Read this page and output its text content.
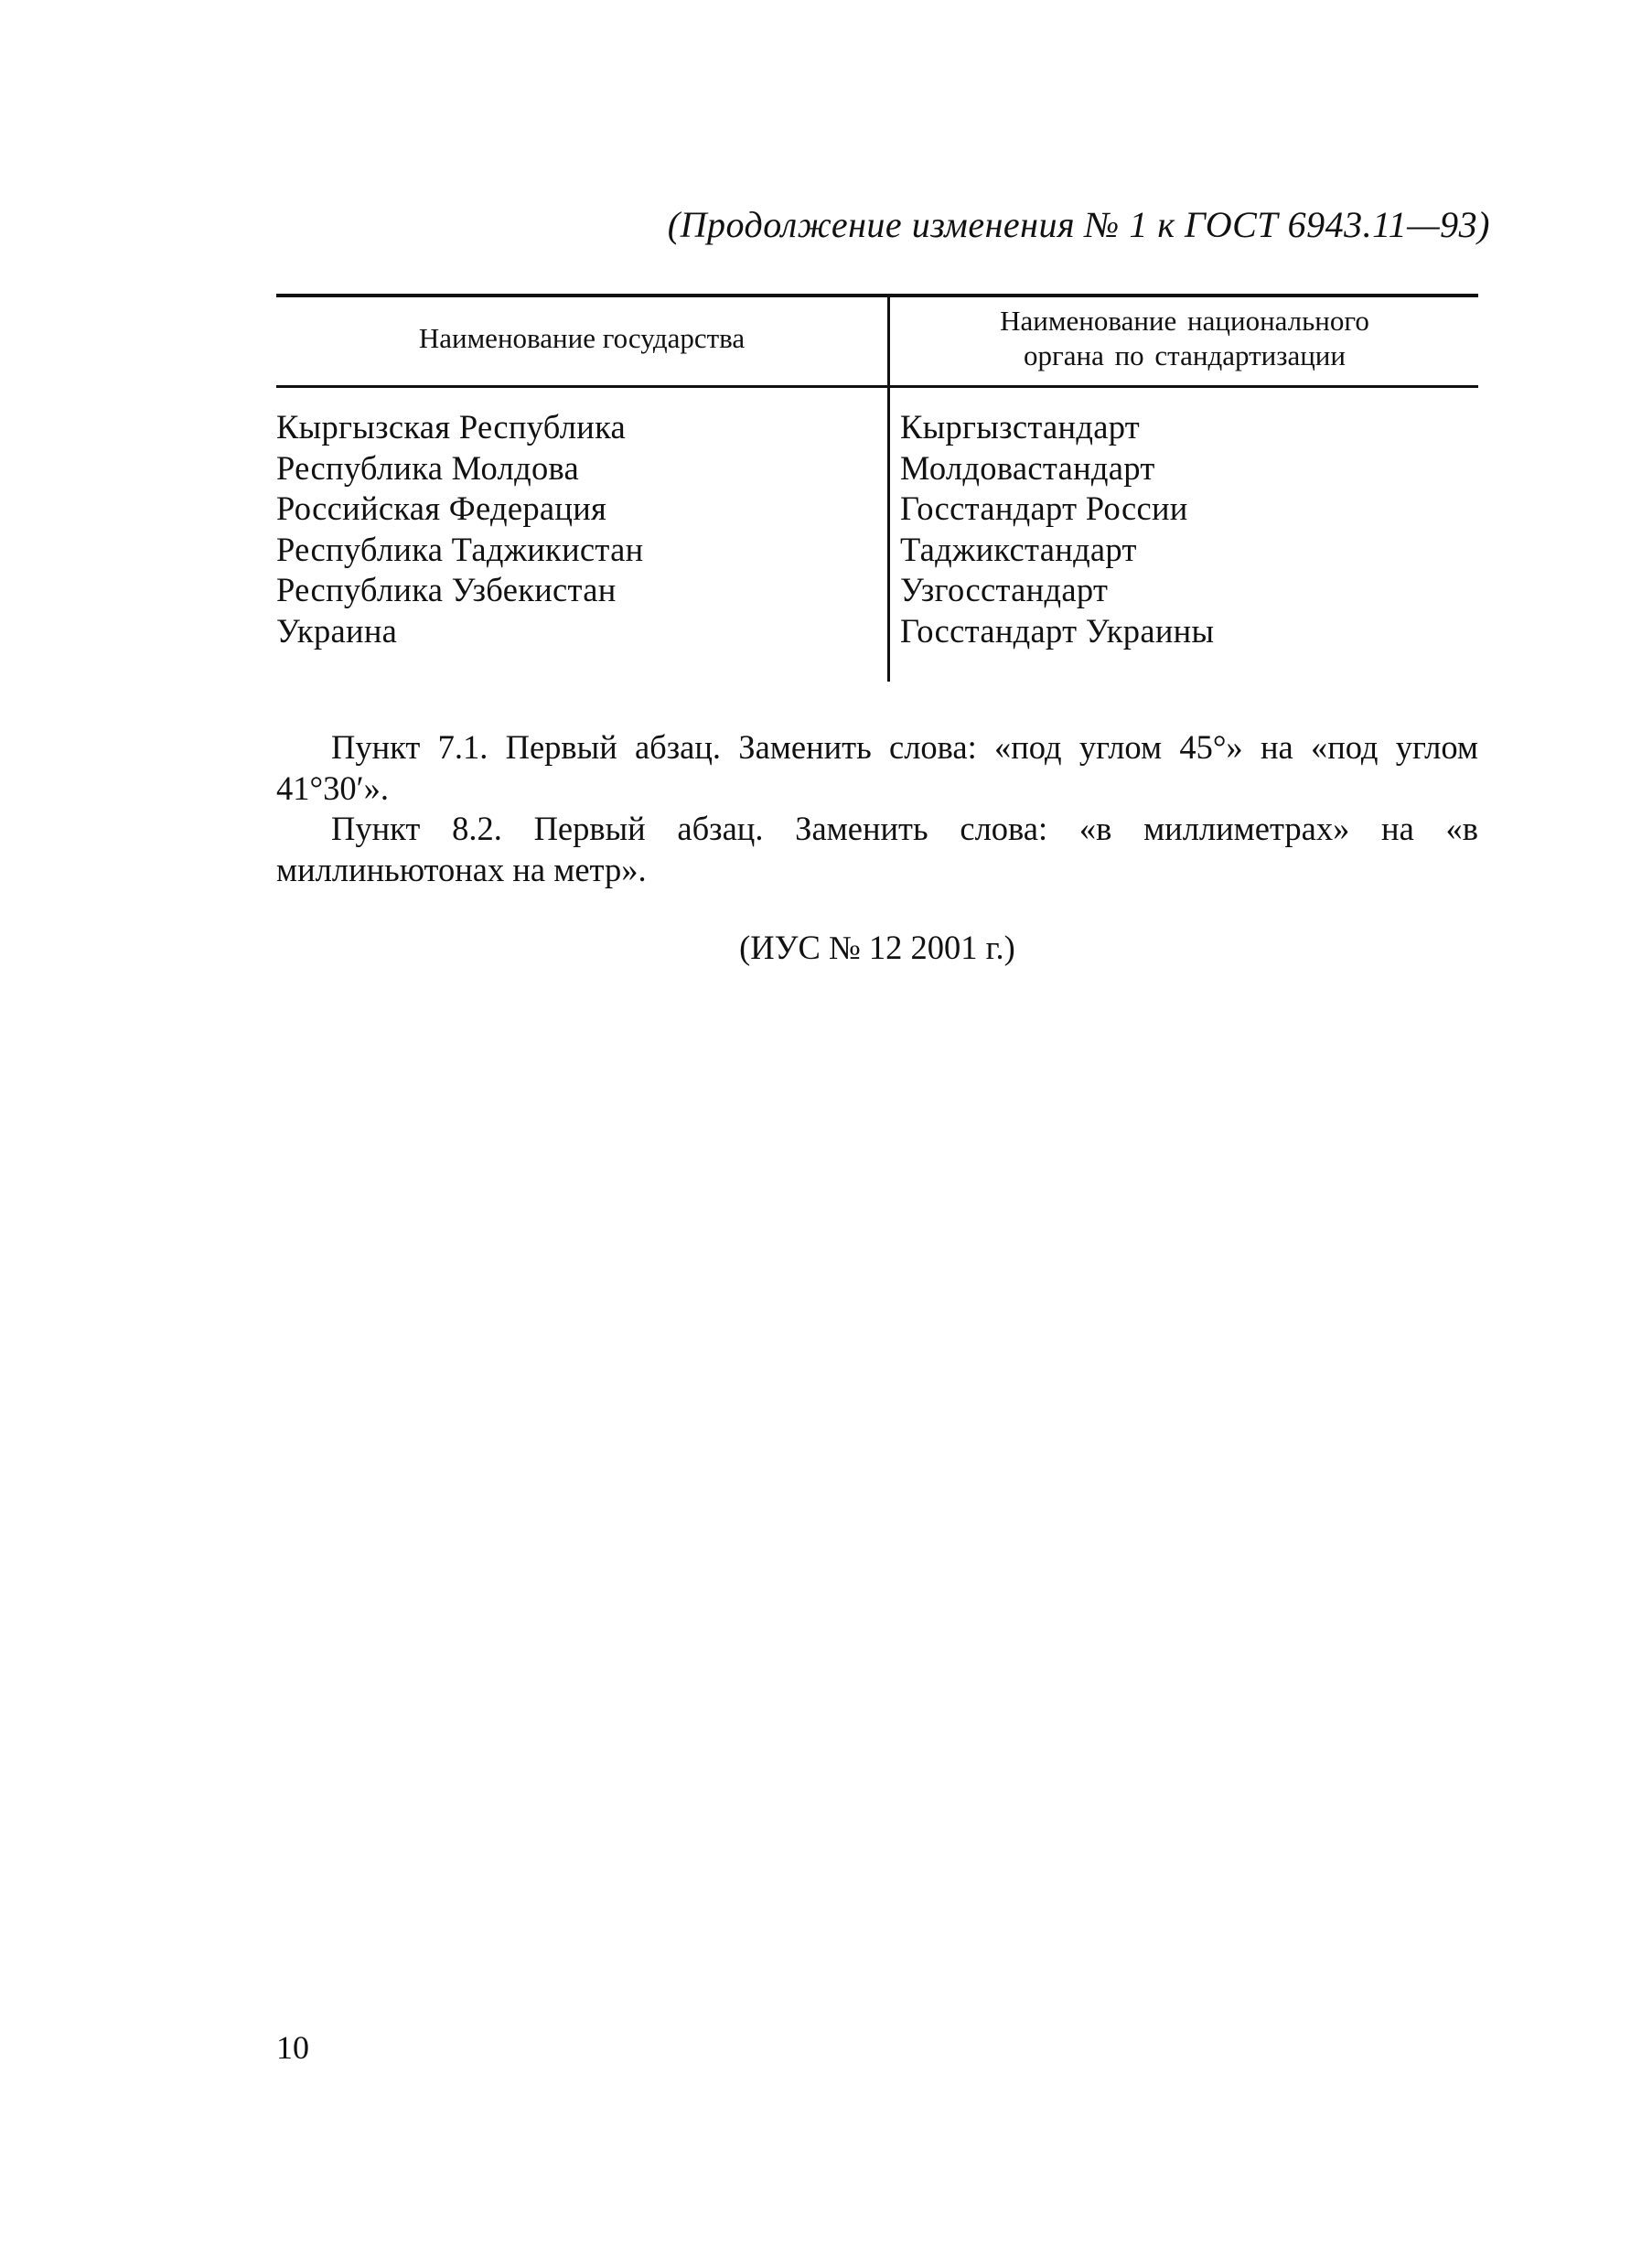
(Продолжение изменения № 1 к ГОСТ 6943.11—93)
Наименование государства
Наименование национального
органа по стандартизации
Кыргызская Республика
Республика Молдова
Российская Федерация
Республика Таджикистан
Республика Узбекистан
Украина
Кыргызстандарт
Молдовастандарт
Госстандарт России
Таджикстандарт
Узгосстандарт
Госстандарт Украины

Пункт 7.1. Первый абзац. Заменить слова: «под углом 45°» на «под углом 41°30′».

Пункт 8.2. Первый абзац. Заменить слова: «в миллиметрах» на «в миллиньютонах на метр».

(ИУС № 12 2001 г.)
10
